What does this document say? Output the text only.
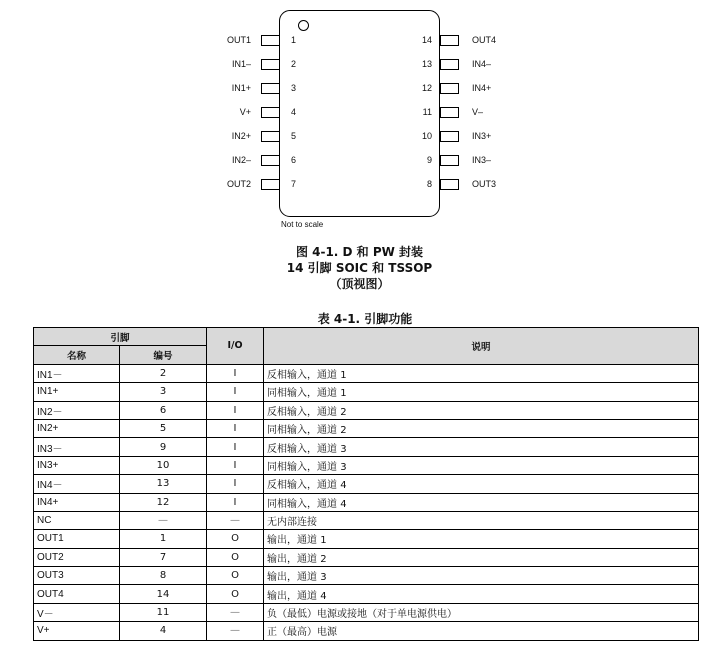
OUT1	1
IN1–	2
IN1+	3
V+	4
IN2+	5
IN2–	6
OUT2	7
OUT4
14
IN4–
13
IN4+
12
V–
11
IN3+
10
IN3–
9
OUT3
8
Not to scale
图 4-1. D 和 PW 封装
14 引脚 SOIC 和 TSSOP
（顶视图）
表 4-1. 引脚功能
引脚		I/O	说明
名称	编号		
IN1－	2	I	反相输入，通道 1
IN1+	3	I	同相输入，通道 1
IN2－	6	I	反相输入，通道 2
IN2+	5	I	同相输入，通道 2
IN3－	9	I	反相输入，通道 3
IN3+	10	I	同相输入，通道 3
IN4－	13	I	反相输入，通道 4
IN4+	12	I	同相输入，通道 4
NC	—	—	无内部连接
OUT1	1	O	输出，通道 1
OUT2	7	O	输出，通道 2
OUT3	8	O	输出，通道 3
OUT4	14	O	输出，通道 4
V－	11	—	负（最低）电源或接地（对于单电源供电）
V+	4	—	正（最高）电源
